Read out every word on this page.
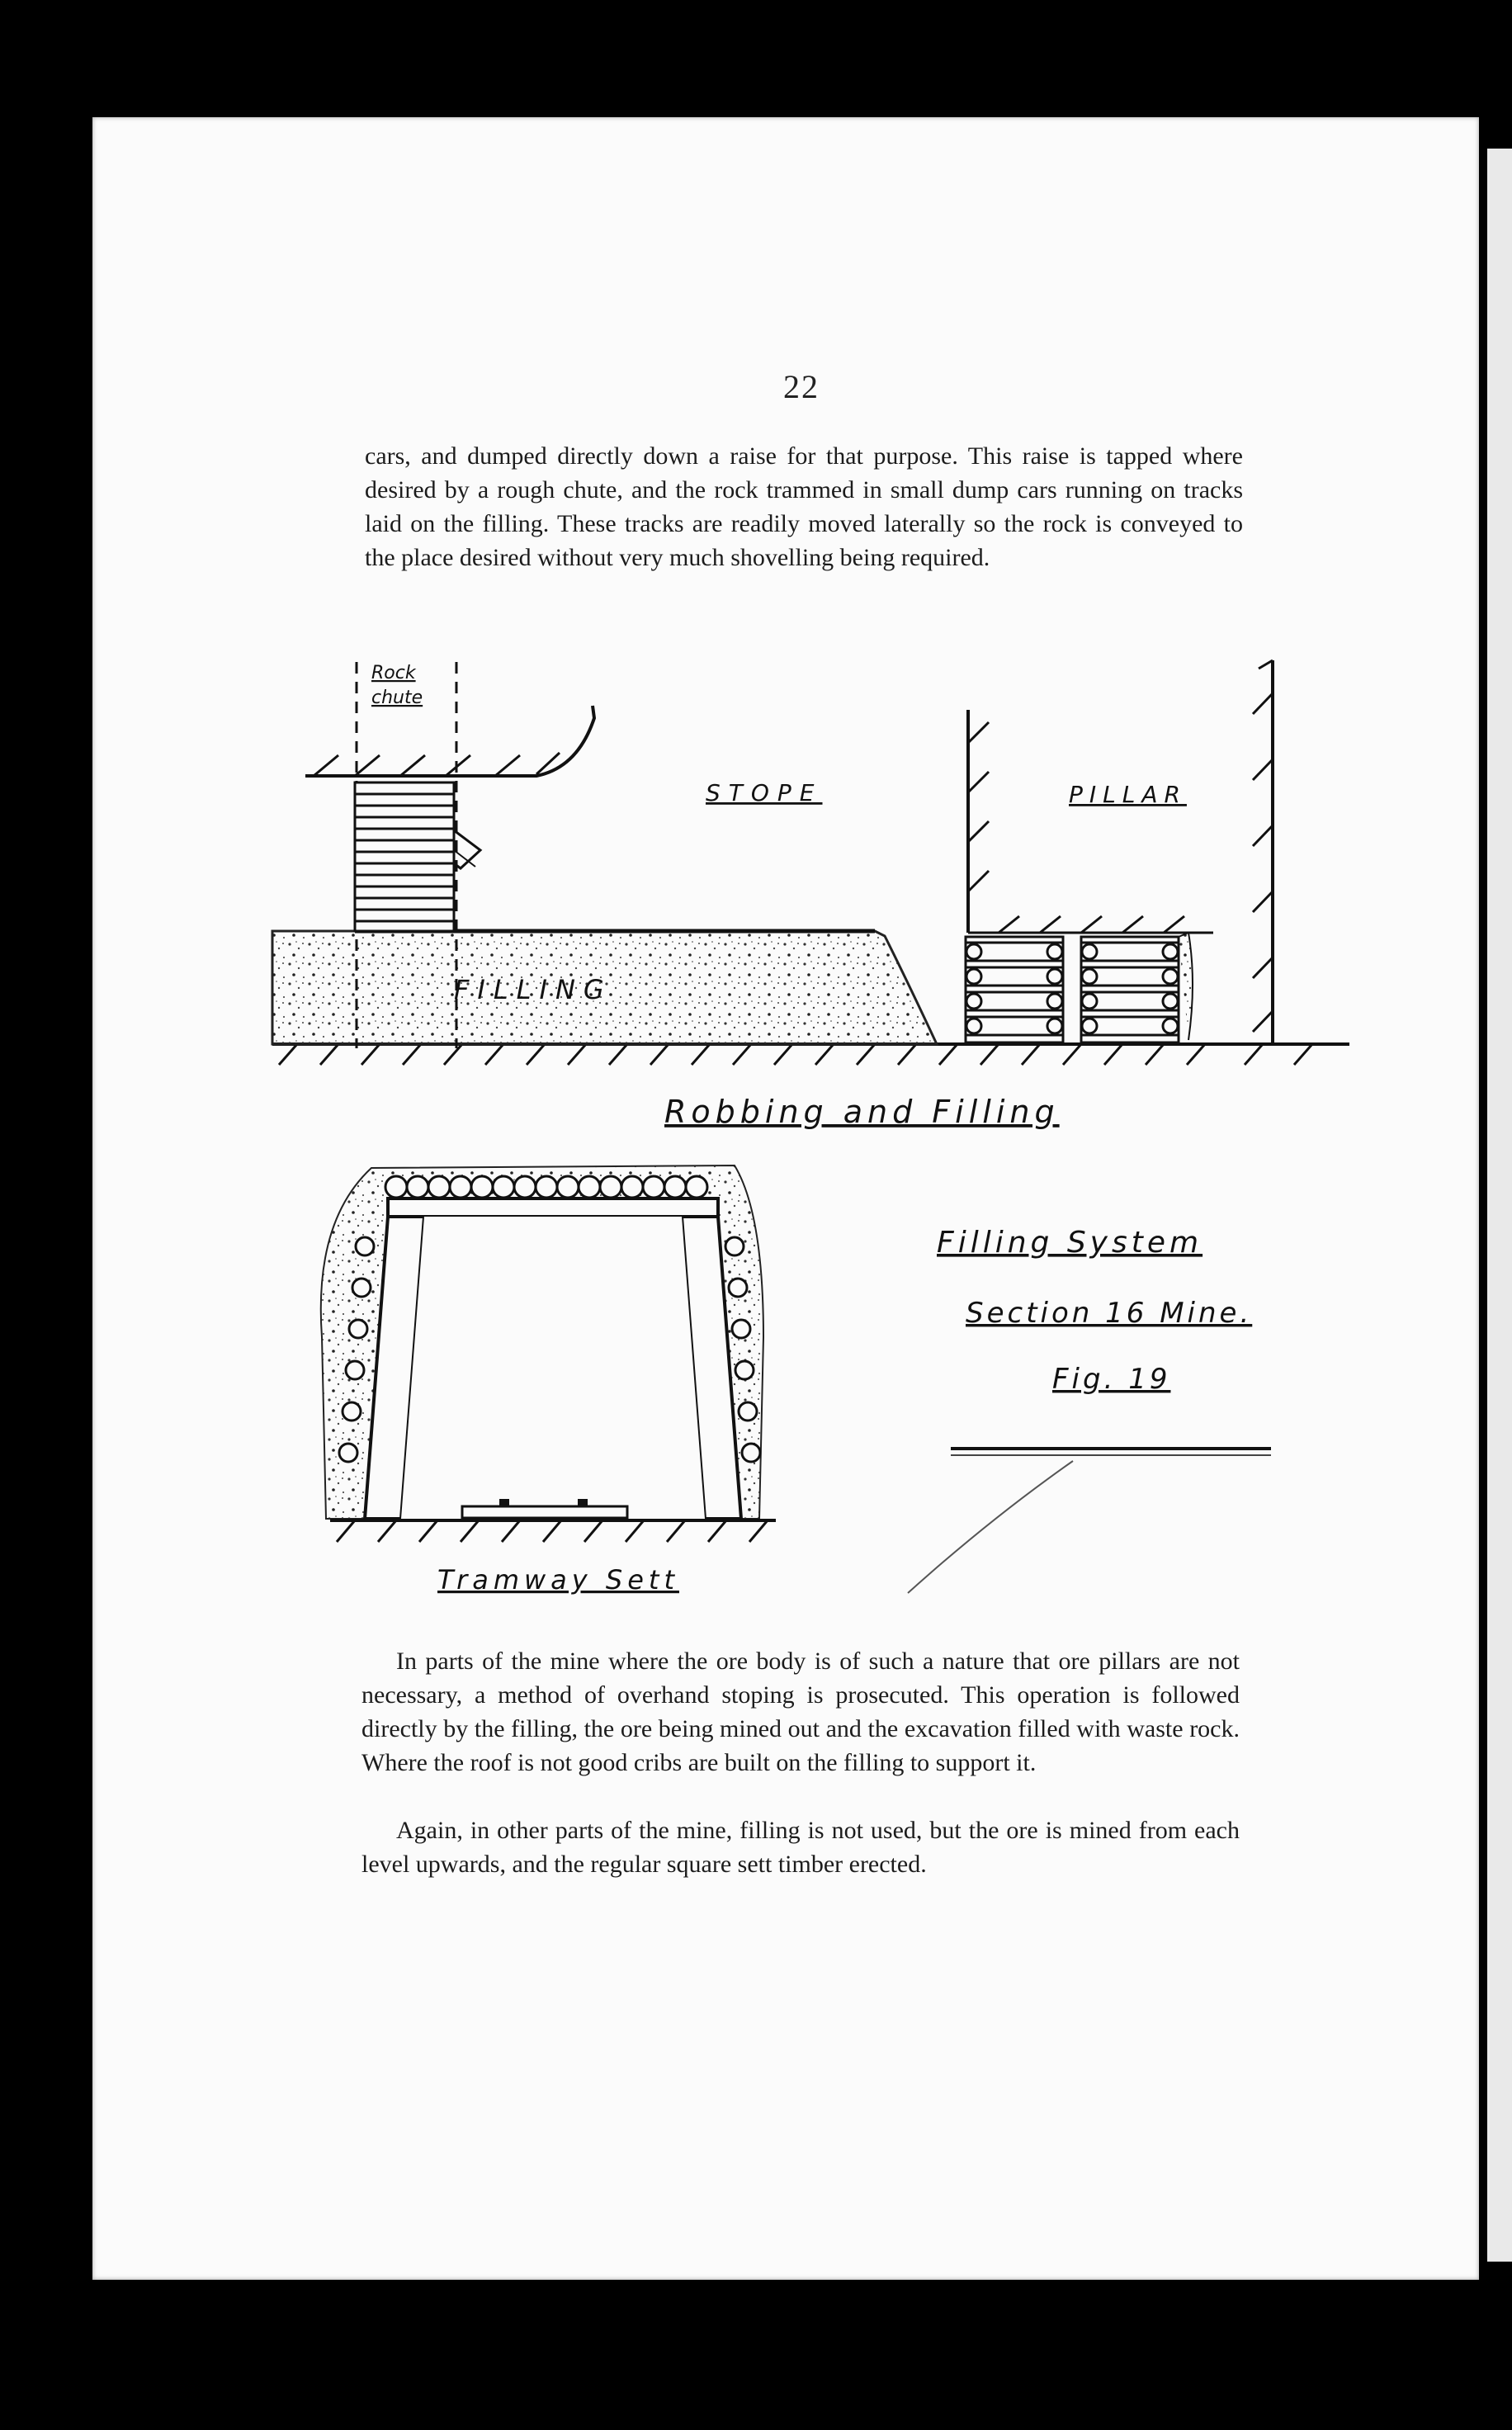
22
cars, and dumped directly down a raise for that purpose. This raise is tapped where desired by a rough chute, and the rock trammed in small dump cars running on tracks laid on the filling. These tracks are readily moved laterally so the rock is conveyed to the place desired without very much shovelling being required.
Rock
chute
STOPE	PILLAR
FILLING
Robbing and Filling
Tramway Sett
Filling System
Section 16 Mine.
Fig. 19
In parts of the mine where the ore body is of such a nature that ore pillars are not necessary, a method of overhand stoping is prosecuted. This operation is followed directly by the filling, the ore being mined out and the excavation filled with waste rock. Where the roof is not good cribs are built on the filling to support it.
Again, in other parts of the mine, filling is not used, but the ore is mined from each level upwards, and the regular square sett timber erected.
